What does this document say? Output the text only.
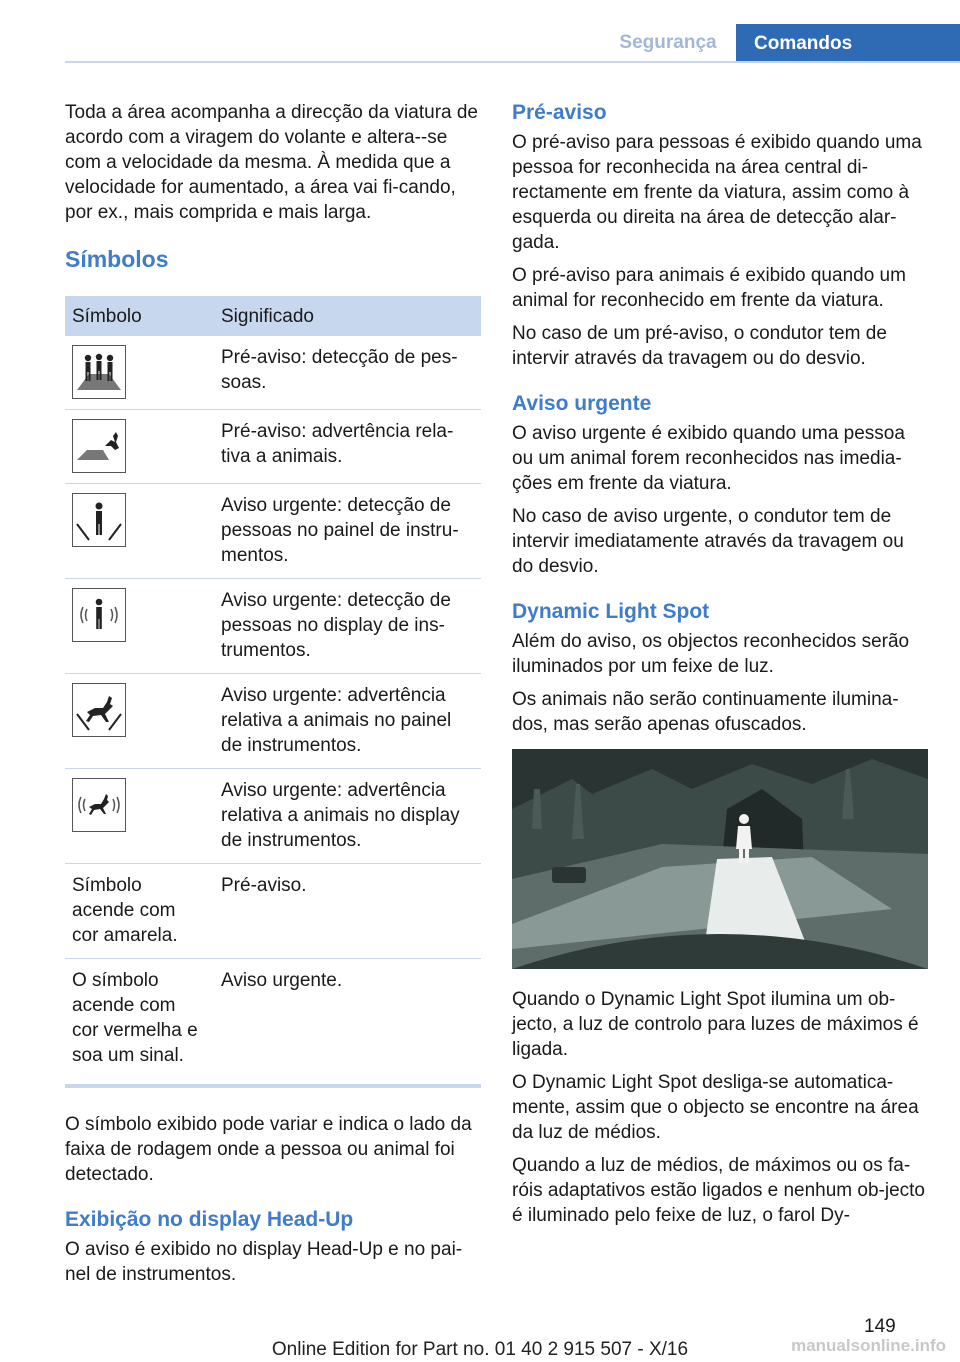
Segurança	Comandos

Toda a área acompanha a direcção da viatura de acordo com a viragem do volante e altera--se com a velocidade da mesma. À medida que a velocidade for aumentado, a área vai fi-cando, por ex., mais comprida e mais larga.

Símbolos
Símbolo	Significado

	Pré-aviso: detecção de pes-soas.

	Pré-aviso: advertência rela-tiva a animais.

	Aviso urgente: detecção de pessoas no painel de instru-mentos.

	Aviso urgente: detecção de pessoas no display de ins-trumentos.

	Aviso urgente: advertência relativa a animais no painel de instrumentos.

	Aviso urgente: advertência relativa a animais no display de instrumentos.
Símbolo acende com cor amarela.	Pré-aviso.
O símbolo acende com cor vermelha e soa um sinal.	Aviso urgente.

O símbolo exibido pode variar e indica o lado da faixa de rodagem onde a pessoa ou animal foi detectado.

Exibição no display Head-Up

O aviso é exibido no display Head-Up e no pai-nel de instrumentos.

Pré-aviso

O pré-aviso para pessoas é exibido quando uma pessoa for reconhecida na área central di-rectamente em frente da viatura, assim como à esquerda ou direita na área de detecção alar-gada.

O pré-aviso para animais é exibido quando um animal for reconhecido em frente da viatura.

No caso de um pré-aviso, o condutor tem de intervir através da travagem ou do desvio.

Aviso urgente

O aviso urgente é exibido quando uma pessoa ou um animal forem reconhecidos nas imedia-ções em frente da viatura.

No caso de aviso urgente, o condutor tem de intervir imediatamente através da travagem ou do desvio.

Dynamic Light Spot

Além do aviso, os objectos reconhecidos serão iluminados por um feixe de luz.

Os animais não serão continuamente ilumina-dos, mas serão apenas ofuscados.

Quando o Dynamic Light Spot ilumina um ob-jecto, a luz de controlo para luzes de máximos é ligada.

O Dynamic Light Spot desliga-se automatica-mente, assim que o objecto se encontre na área da luz de médios.

Quando a luz de médios, de máximos ou os fa-róis adaptativos estão ligados e nenhum ob-jecto é iluminado pelo feixe de luz, o farol Dy-

149
Online Edition for Part no. 01 40 2 915 507 - X/16	manualsonline.info
